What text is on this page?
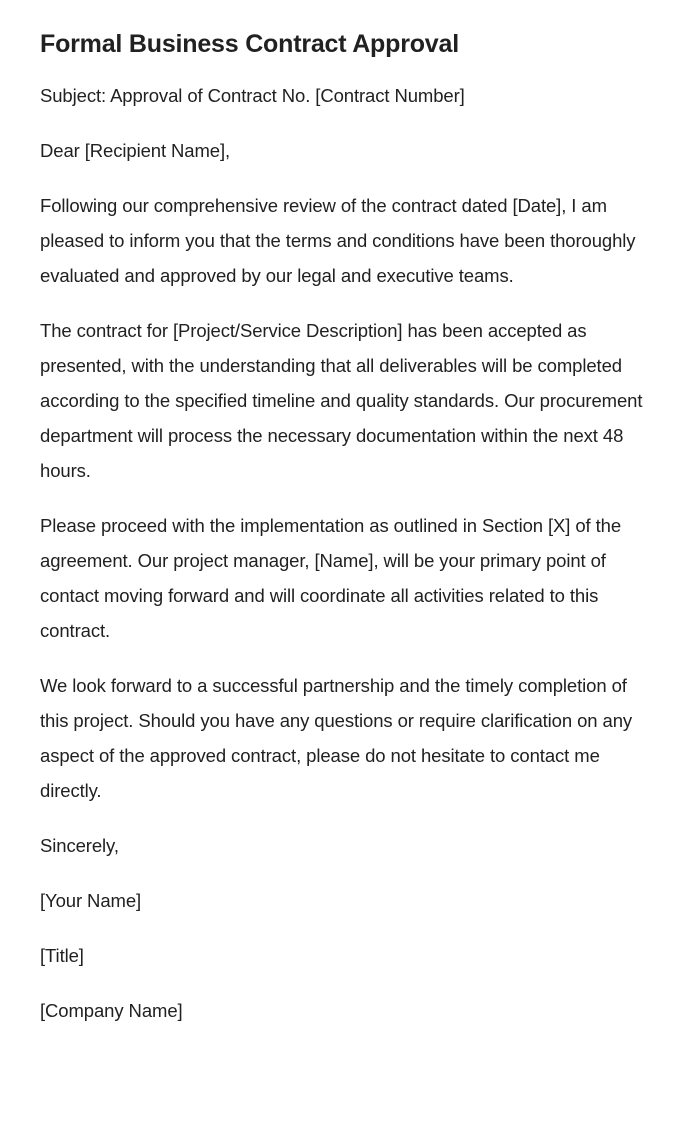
Formal Business Contract Approval

Subject: Approval of Contract No. [Contract Number]

Dear [Recipient Name],

Following our comprehensive review of the contract dated [Date], I am pleased to inform you that the terms and conditions have been thoroughly evaluated and approved by our legal and executive teams.

The contract for [Project/Service Description] has been accepted as presented, with the understanding that all deliverables will be completed according to the specified timeline and quality standards. Our procurement department will process the necessary documentation within the next 48 hours.

Please proceed with the implementation as outlined in Section [X] of the agreement. Our project manager, [Name], will be your primary point of contact moving forward and will coordinate all activities related to this contract.

We look forward to a successful partnership and the timely completion of this project. Should you have any questions or require clarification on any aspect of the approved contract, please do not hesitate to contact me directly.

Sincerely,

[Your Name]

[Title]

[Company Name]
